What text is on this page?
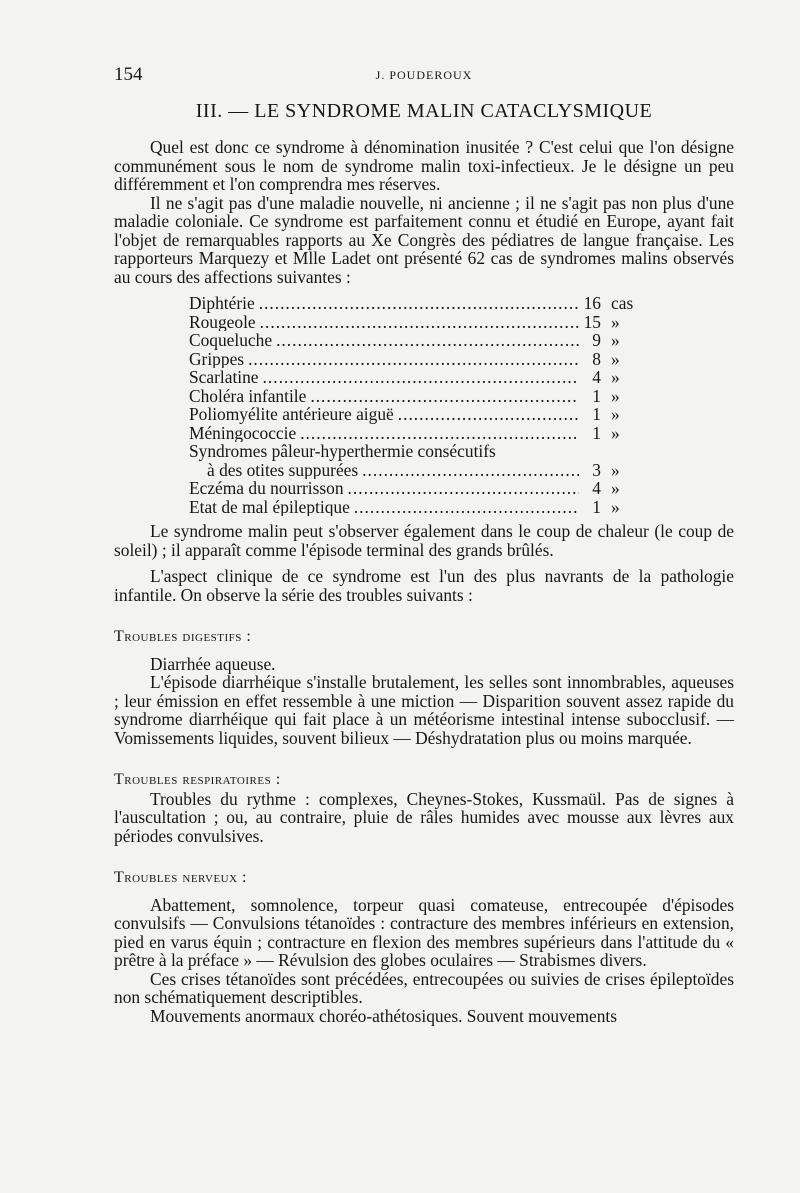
154	J. POUDEROUX
III. — LE SYNDROME MALIN CATACLYSMIQUE

Quel est donc ce syndrome à dénomination inusitée ? C'est celui que l'on désigne communément sous le nom de syndrome malin toxi-infectieux. Je le désigne un peu différemment et l'on comprendra mes réserves.

Il ne s'agit pas d'une maladie nouvelle, ni ancienne ; il ne s'agit pas non plus d'une maladie coloniale. Ce syndrome est parfaitement connu et étudié en Europe, ayant fait l'objet de remarquables rapports au Xe Congrès des pédiatres de langue française. Les rapporteurs Marquezy et Mlle Ladet ont présenté 62 cas de syndromes malins observés au cours des affections suivantes :

Diphtérie .....	16 cas
Rougeole .....	15 »
Coqueluche .....	9 »
Grippes .....	8 »
Scarlatine .....	4 »
Choléra infantile .....	1 »
Poliomyélite antérieure aiguë .....	1 »
Méningococcie .....	1 »
Syndromes pâleur-hyperthermie consécutifs
à des otites suppurées .....	3 »
Eczéma du nourrisson .....	4 »
Etat de mal épileptique .....	1 »

Le syndrome malin peut s'observer également dans le coup de chaleur (le coup de soleil) ; il apparaît comme l'épisode terminal des grands brûlés.

L'aspect clinique de ce syndrome est l'un des plus navrants de la pathologie infantile. On observe la série des troubles suivants :

Troubles digestifs :

Diarrhée aqueuse.

L'épisode diarrhéique s'installe brutalement, les selles sont innombrables, aqueuses ; leur émission en effet ressemble à une miction — Disparition souvent assez rapide du syndrome diarrhéique qui fait place à un météorisme intestinal intense subocclusif. — Vomissements liquides, souvent bilieux — Déshydratation plus ou moins marquée.

Troubles respiratoires :

Troubles du rythme : complexes, Cheynes-Stokes, Kussmaül. Pas de signes à l'auscultation ; ou, au contraire, pluie de râles humides avec mousse aux lèvres aux périodes convulsives.

Troubles nerveux :

Abattement, somnolence, torpeur quasi comateuse, entrecoupée d'épisodes convulsifs — Convulsions tétanoïdes : contracture des membres inférieurs en extension, pied en varus équin ; contracture en flexion des membres supérieurs dans l'attitude du « prêtre à la préface » — Révulsion des globes oculaires — Strabismes divers.

Ces crises tétanoïdes sont précédées, entrecoupées ou suivies de crises épileptoïdes non schématiquement descriptibles.

Mouvements anormaux choréo-athétosiques. Souvent mouvements
